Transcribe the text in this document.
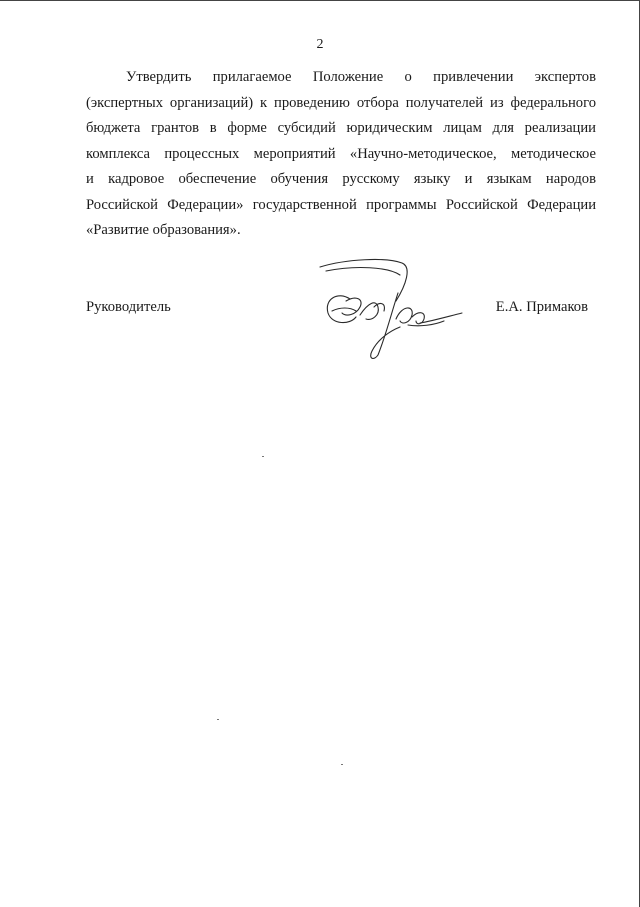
2
Утвердить прилагаемое Положение о привлечении экспертов
(экспертных организаций) к проведению отбора получателей из федерального
бюджета грантов в форме субсидий юридическим лицам для реализации
комплекса процессных мероприятий «Научно-методическое, методическое
и кадровое обеспечение обучения русскому языку и языкам народов
Российской Федерации» государственной программы Российской Федерации
«Развитие образования».
Руководитель	Е.А. Примаков
